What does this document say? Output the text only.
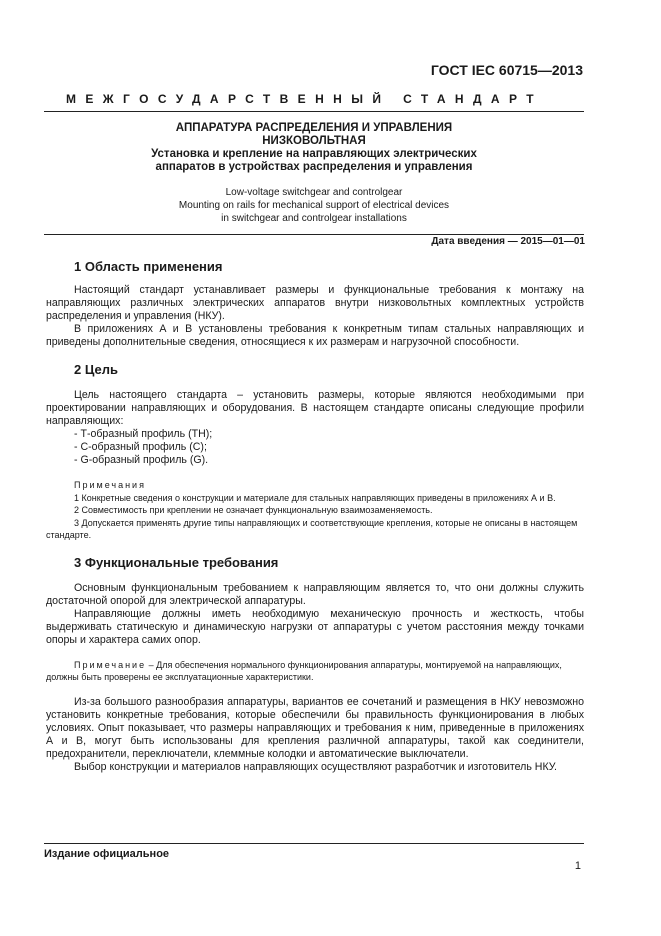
ГОСТ IEC 60715—2013
МЕЖГОСУДАРСТВЕННЫЙ СТАНДАРТ
АППАРАТУРА РАСПРЕДЕЛЕНИЯ И УПРАВЛЕНИЯ
НИЗКОВОЛЬТНАЯ
Установка и крепление на направляющих электрических
аппаратов в устройствах распределения и управления
Low-voltage switchgear and controlgear
Mounting on rails for mechanical support of electrical devices
in switchgear and controlgear installations
Дата введения — 2015—01—01
1 Область применения

Настоящий стандарт устанавливает размеры и функциональные требования к монтажу на направляющих различных электрических аппаратов внутри низковольтных комплектных устройств распределения и управления (НКУ).

В приложениях А и В установлены требования к конкретным типам стальных направляющих и приведены дополнительные сведения, относящиеся к их размерам и нагрузочной способности.

2 Цель

Цель настоящего стандарта – установить размеры, которые являются необходимыми при проектировании направляющих и оборудования. В настоящем стандарте описаны следующие профили направляющих:

- Т-образный профиль (ТН);

- С-образный профиль (С);

- G-образный профиль (G).

Примечания

1 Конкретные сведения о конструкции и материале для стальных направляющих приведены в приложениях А и В.

2 Совместимость при креплении не означает функциональную взаимозаменяемость.

3 Допускается применять другие типы направляющих и соответствующие крепления, которые не описаны в настоящем стандарте.

3 Функциональные требования

Основным функциональным требованием к направляющим является то, что они должны служить достаточной опорой для электрической аппаратуры.

Направляющие должны иметь необходимую механическую прочность и жесткость, чтобы выдерживать статическую и динамическую нагрузки от аппаратуры с учетом расстояния между точками опоры и характера самих опор.

Примечание – Для обеспечения нормального функционирования аппаратуры, монтируемой на направляющих, должны быть проверены ее эксплуатационные характеристики.

Из-за большого разнообразия аппаратуры, вариантов ее сочетаний и размещения в НКУ невозможно установить конкретные требования, которые обеспечили бы правильность функционирования в любых условиях. Опыт показывает, что размеры направляющих и требования к ним, приведенные в приложениях А и В, могут быть использованы для крепления различной аппаратуры, такой как соединители, предохранители, переключатели, клеммные колодки и автоматические выключатели.

Выбор конструкции и материалов направляющих осуществляют разработчик и изготовитель НКУ.

Издание официальное
1
